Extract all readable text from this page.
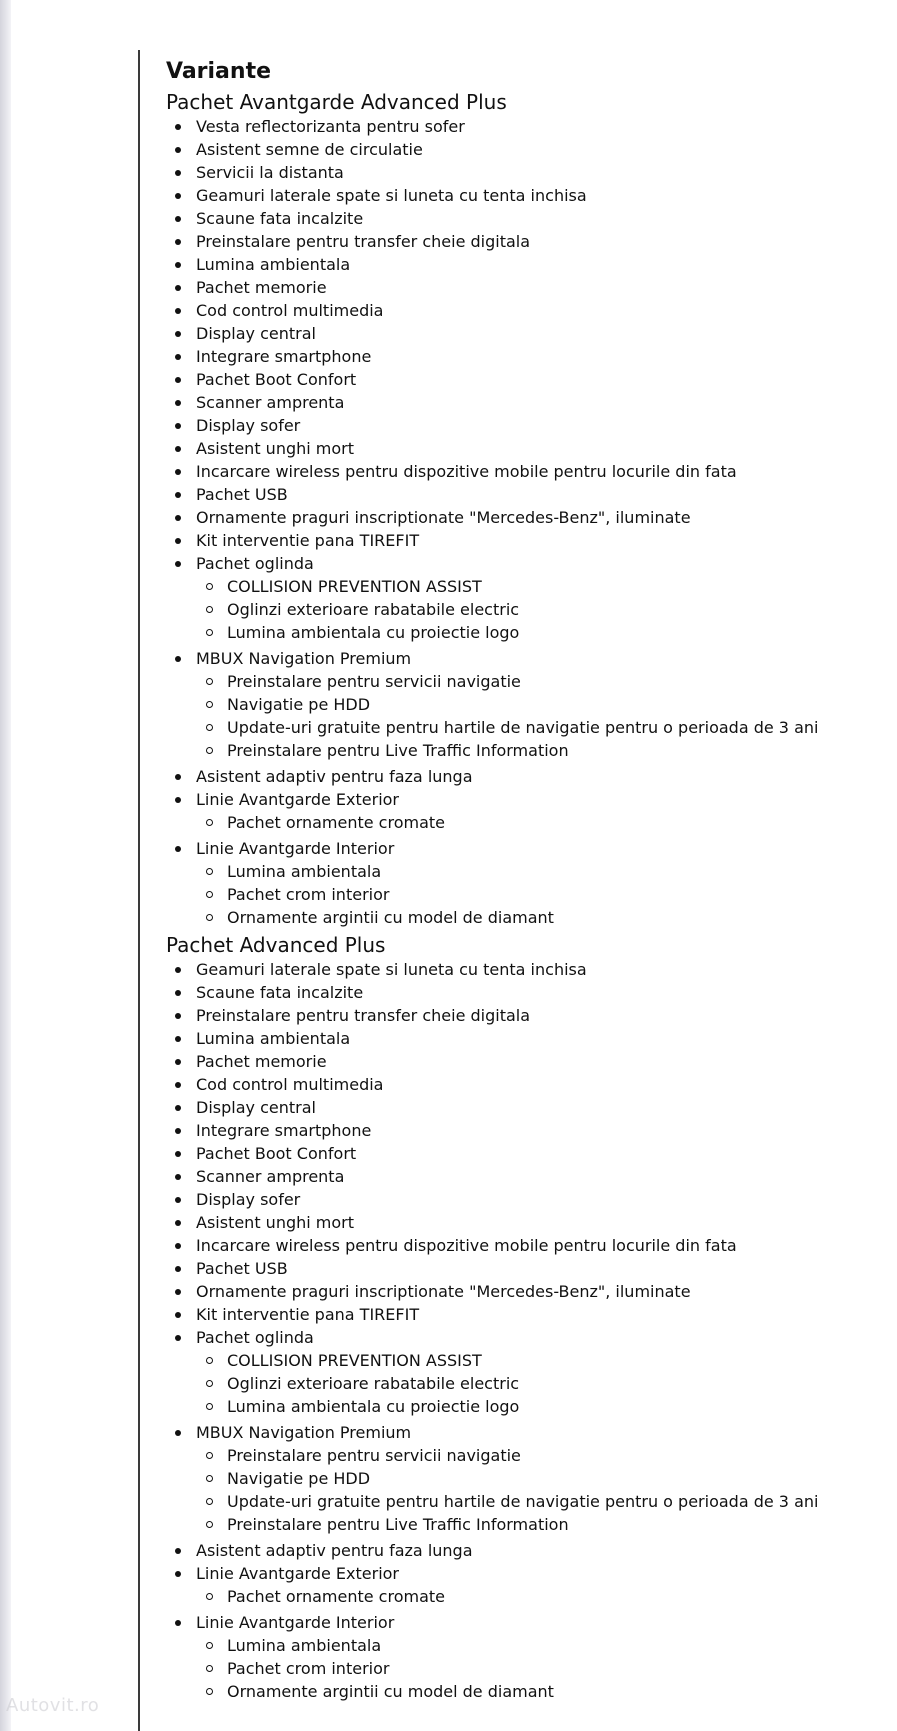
Variante
Pachet Avantgarde Advanced Plus
Vesta reflectorizanta pentru sofer
Asistent semne de circulatie
Servicii la distanta
Geamuri laterale spate si luneta cu tenta inchisa
Scaune fata incalzite
Preinstalare pentru transfer cheie digitala
Lumina ambientala
Pachet memorie
Cod control multimedia
Display central
Integrare smartphone
Pachet Boot Confort
Scanner amprenta
Display sofer
Asistent unghi mort
Incarcare wireless pentru dispozitive mobile pentru locurile din fata
Pachet USB
Ornamente praguri inscriptionate "Mercedes-Benz", iluminate
Kit interventie pana TIREFIT
Pachet oglinda
COLLISION PREVENTION ASSIST
Oglinzi exterioare rabatabile electric
Lumina ambientala cu proiectie logo
MBUX Navigation Premium
Preinstalare pentru servicii navigatie
Navigatie pe HDD
Update-uri gratuite pentru hartile de navigatie pentru o perioada de 3 ani
Preinstalare pentru Live Traffic Information
Asistent adaptiv pentru faza lunga
Linie Avantgarde Exterior
Pachet ornamente cromate
Linie Avantgarde Interior
Lumina ambientala
Pachet crom interior
Ornamente argintii cu model de diamant
Pachet Advanced Plus
Geamuri laterale spate si luneta cu tenta inchisa
Scaune fata incalzite
Preinstalare pentru transfer cheie digitala
Lumina ambientala
Pachet memorie
Cod control multimedia
Display central
Integrare smartphone
Pachet Boot Confort
Scanner amprenta
Display sofer
Asistent unghi mort
Incarcare wireless pentru dispozitive mobile pentru locurile din fata
Pachet USB
Ornamente praguri inscriptionate "Mercedes-Benz", iluminate
Kit interventie pana TIREFIT
Pachet oglinda
COLLISION PREVENTION ASSIST
Oglinzi exterioare rabatabile electric
Lumina ambientala cu proiectie logo
MBUX Navigation Premium
Preinstalare pentru servicii navigatie
Navigatie pe HDD
Update-uri gratuite pentru hartile de navigatie pentru o perioada de 3 ani
Preinstalare pentru Live Traffic Information
Asistent adaptiv pentru faza lunga
Linie Avantgarde Exterior
Pachet ornamente cromate
Linie Avantgarde Interior
Lumina ambientala
Pachet crom interior
Ornamente argintii cu model de diamant
Autovit.ro
